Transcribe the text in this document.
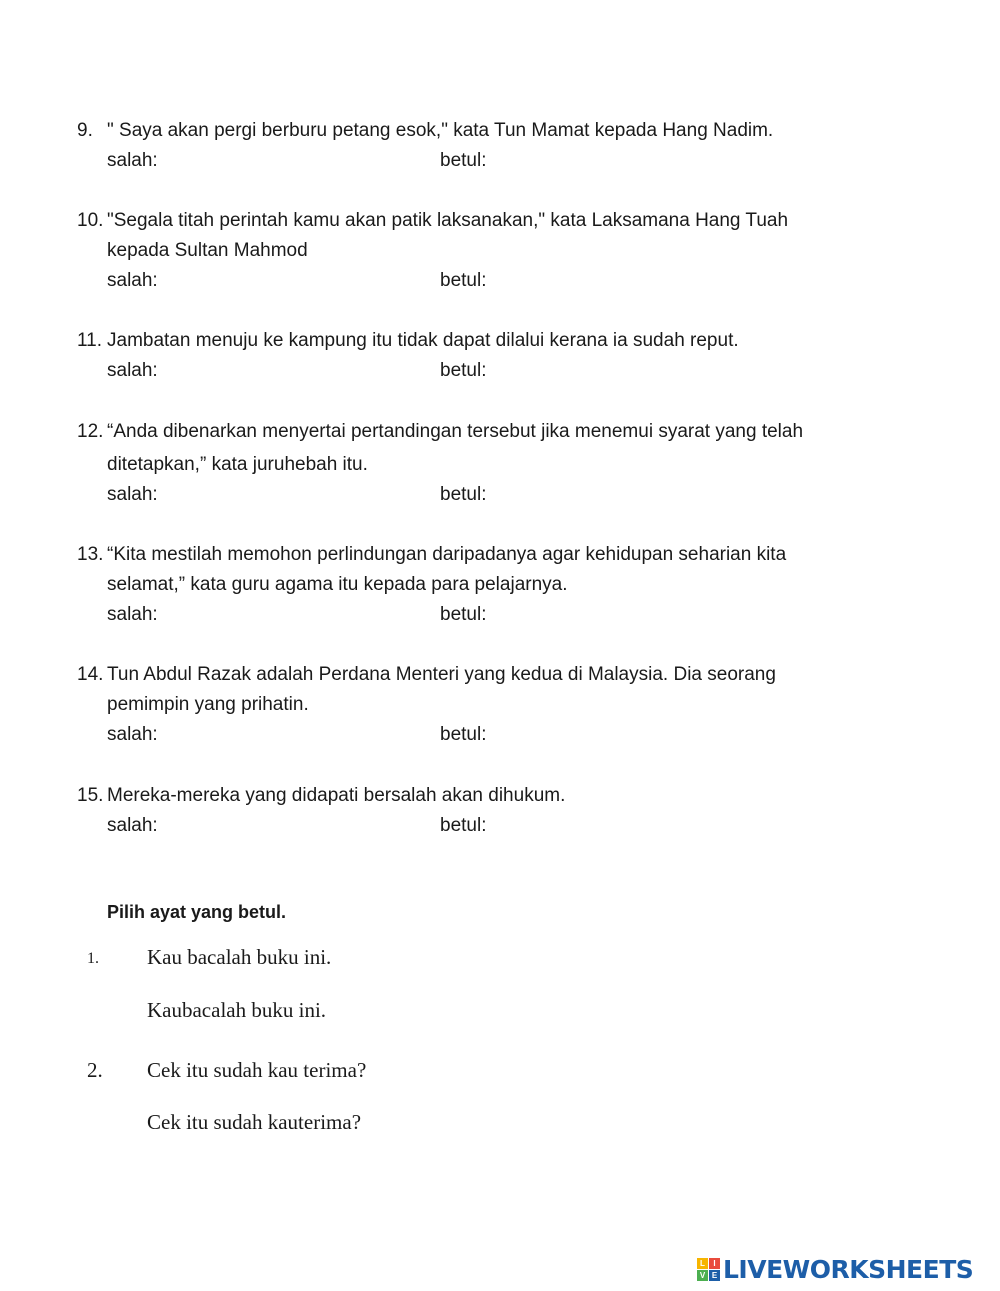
9. " Saya akan pergi berburu petang esok," kata Tun Mamat kepada Hang Nadim.
salah:	betul:
10. "Segala titah perintah kamu akan patik laksanakan," kata Laksamana Hang Tuah
kepada Sultan Mahmod
salah:	betul:
11. Jambatan menuju ke kampung itu tidak dapat dilalui kerana ia sudah reput.
salah:	betul:
12. “Anda dibenarkan menyertai pertandingan tersebut jika menemui syarat yang telah
ditetapkan,” kata juruhebah itu.
salah:	betul:
13. “Kita mestilah memohon perlindungan daripadanya agar kehidupan seharian kita
selamat,” kata guru agama itu kepada para pelajarnya.
salah:	betul:
14. Tun Abdul Razak adalah Perdana Menteri yang kedua di Malaysia. Dia seorang
pemimpin yang prihatin.
salah:	betul:
15. Mereka-mereka yang didapati bersalah akan dihukum.
salah:	betul:
Pilih ayat yang betul.
1. Kau bacalah buku ini.
Kaubacalah buku ini.
2. Cek itu sudah kau terima?
Cek itu sudah kauterima?
L	I
V E LIVEWORKSHEETS
